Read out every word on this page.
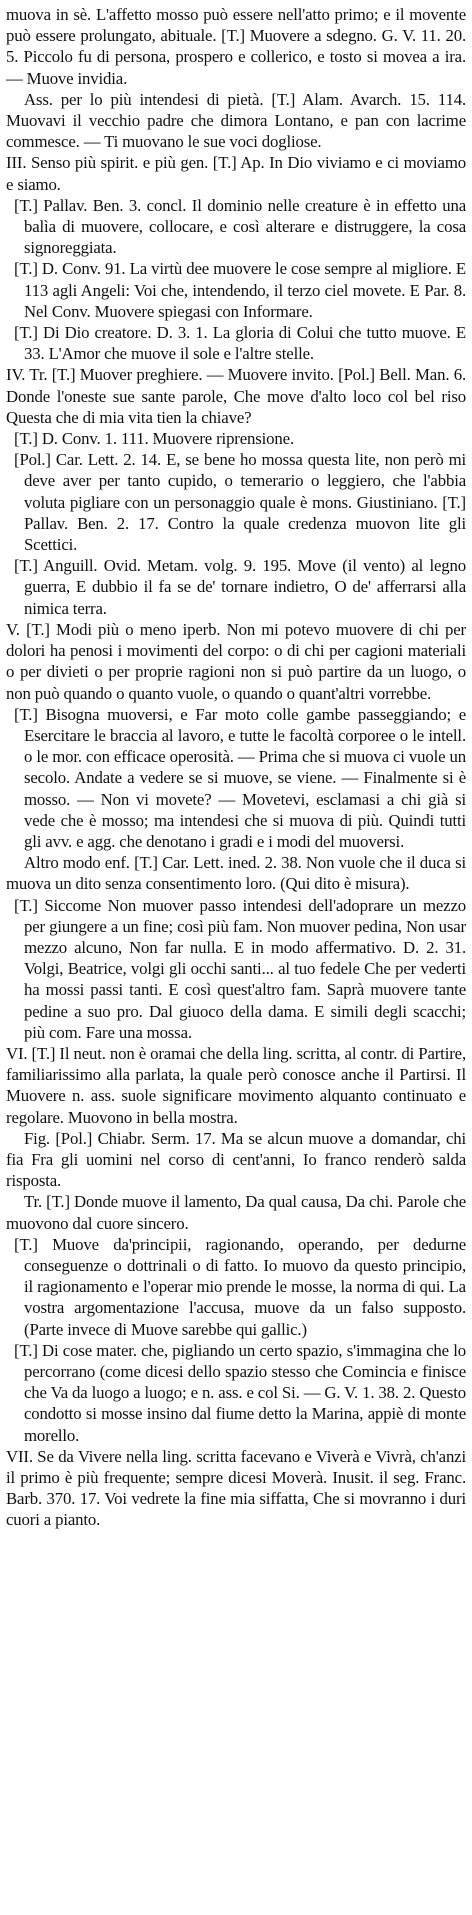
muova in sè. L'affetto mosso può essere nell'atto primo; e il movente può essere prolungato, abituale. [T.] Muovere a sdegno. G. V. 11. 20. 5. Piccolo fu di persona, prospero e collerico, e tosto si movea a ira. — Muove invidia.

Ass. per lo più intendesi di pietà. [T.] Alam. Avarch. 15. 114. Muovavi il vecchio padre che dimora Lontano, e pan con lacrime commesce. — Ti muovano le sue voci dogliose.

III. Senso più spirit. e più gen. [T.] Ap. In Dio viviamo e ci moviamo e siamo.

[T.] Pallav. Ben. 3. concl. Il dominio nelle creature è in effetto una balìa di muovere, collocare, e così alterare e distruggere, la cosa signoreggiata.

[T.] D. Conv. 91. La virtù dee muovere le cose sempre al migliore. E 113 agli Angeli: Voi che, intendendo, il terzo ciel movete. E Par. 8. Nel Conv. Muovere spiegasi con Informare.

[T.] Di Dio creatore. D. 3. 1. La gloria di Colui che tutto muove. E 33. L'Amor che muove il sole e l'altre stelle.

IV. Tr. [T.] Muover preghiere. — Muovere invito. [Pol.] Bell. Man. 6. Donde l'oneste sue sante parole, Che move d'alto loco col bel riso Questa che di mia vita tien la chiave?

[T.] D. Conv. 1. 111. Muovere riprensione.

[Pol.] Car. Lett. 2. 14. E, se bene ho mossa questa lite, non però mi deve aver per tanto cupido, o temerario o leggiero, che l'abbia voluta pigliare con un personaggio quale è mons. Giustiniano. [T.] Pallav. Ben. 2. 17. Contro la quale credenza muovon lite gli Scettici.

[T.] Anguill. Ovid. Metam. volg. 9. 195. Move (il vento) al legno guerra, E dubbio il fa se de' tornare indietro, O de' afferrarsi alla nimica terra.

V. [T.] Modi più o meno iperb. Non mi potevo muovere di chi per dolori ha penosi i movimenti del corpo: o di chi per cagioni materiali o per divieti o per proprie ragioni non si può partire da un luogo, o non può quando o quanto vuole, o quando o quant'altri vorrebbe.

[T.] Bisogna muoversi, e Far moto colle gambe passeggiando; e Esercitare le braccia al lavoro, e tutte le facoltà corporee o le intell. o le mor. con efficace operosità. — Prima che si muova ci vuole un secolo. Andate a vedere se si muove, se viene. — Finalmente si è mosso. — Non vi movete? — Movetevi, esclamasi a chi già si vede che è mosso; ma intendesi che si muova di più. Quindi tutti gli avv. e agg. che denotano i gradi e i modi del muoversi.

Altro modo enf. [T.] Car. Lett. ined. 2. 38. Non vuole che il duca si muova un dito senza consentimento loro. (Qui dito è misura).

[T.] Siccome Non muover passo intendesi dell'adoprare un mezzo per giungere a un fine; così più fam. Non muover pedina, Non usar mezzo alcuno, Non far nulla. E in modo affermativo. D. 2. 31. Volgi, Beatrice, volgi gli occhi santi... al tuo fedele Che per vederti ha mossi passi tanti. E così quest'altro fam. Saprà muovere tante pedine a suo pro. Dal giuoco della dama. E simili degli scacchi; più com. Fare una mossa.

VI. [T.] Il neut. non è oramai che della ling. scritta, al contr. di Partire, familiarissimo alla parlata, la quale però conosce anche il Partirsi. Il Muovere n. ass. suole significare movimento alquanto continuato e regolare. Muovono in bella mostra.

Fig. [Pol.] Chiabr. Serm. 17. Ma se alcun muove a domandar, chi fia Fra gli uomini nel corso di cent'anni, Io franco renderò salda risposta.

Tr. [T.] Donde muove il lamento, Da qual causa, Da chi. Parole che muovono dal cuore sincero.

[T.] Muove da'principii, ragionando, operando, per dedurne conseguenze o dottrinali o di fatto. Io muovo da questo principio, il ragionamento e l'operar mio prende le mosse, la norma di qui. La vostra argomentazione l'accusa, muove da un falso supposto. (Parte invece di Muove sarebbe qui gallic.)

[T.] Di cose mater. che, pigliando un certo spazio, s'immagina che lo percorrano (come dicesi dello spazio stesso che Comincia e finisce che Va da luogo a luogo; e n. ass. e col Si. — G. V. 1. 38. 2. Questo condotto si mosse insino dal fiume detto la Marina, appiè di monte morello.

VII. Se da Vivere nella ling. scritta facevano e Viverà e Vivrà, ch'anzi il primo è più frequente; sempre dicesi Moverà. Inusit. il seg. Franc. Barb. 370. 17. Voi vedrete la fine mia siffatta, Che si movranno i duri cuori a pianto.
